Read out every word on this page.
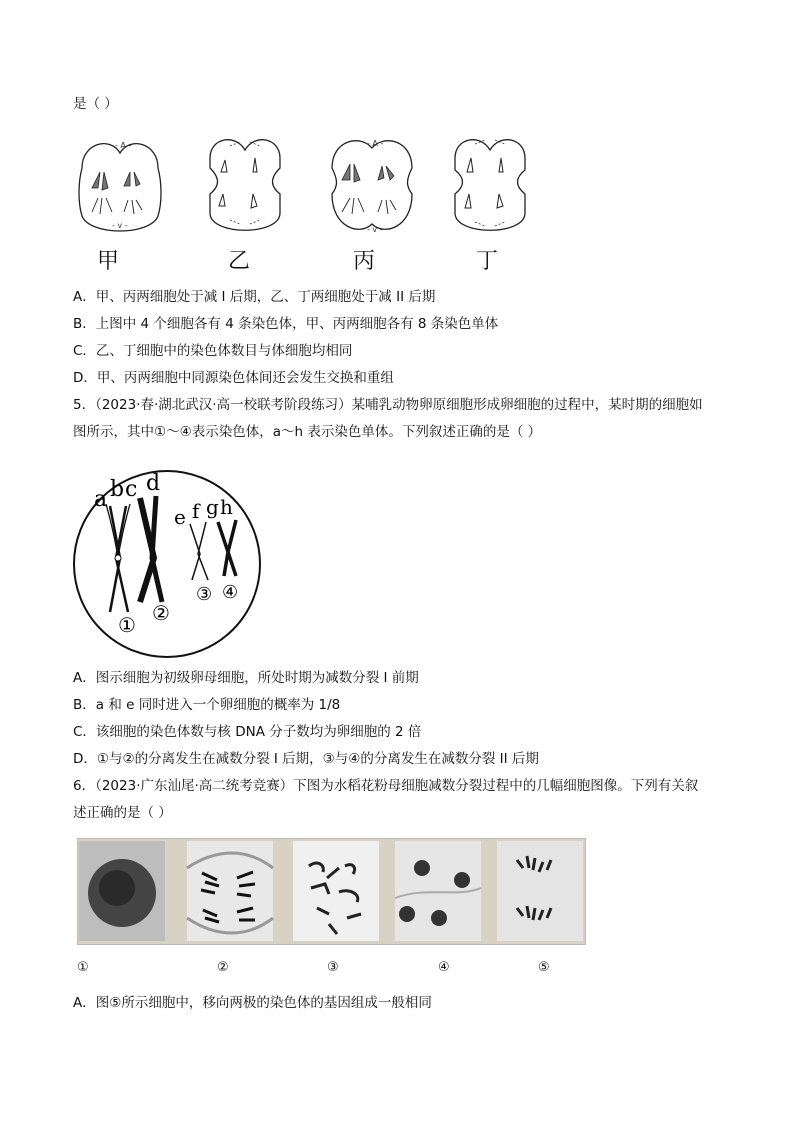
是（ ）
- A -
- v -
- A -
- v -
甲	乙	丙	丁
A．甲、丙两细胞处于减 I 后期，乙、丁两细胞处于减 II 后期
B．上图中 4 个细胞各有 4 条染色体，甲、丙两细胞各有 8 条染色单体
C．乙、丁细胞中的染色体数目与体细胞均相同
D．甲、丙两细胞中同源染色体间还会发生交换和重组
5．（2023·春·湖北武汉·高一校联考阶段练习）某哺乳动物卵原细胞形成卵细胞的过程中，某时期的细胞如
图所示，其中①～④表示染色体，a～h 表示染色单体。下列叙述正确的是（ ）
a b c d
e f g h
① ②
③ ④
A．图示细胞为初级卵母细胞，所处时期为减数分裂 I 前期
B．a 和 e 同时进入一个卵细胞的概率为 1/8
C．该细胞的染色体数与核 DNA 分子数均为卵细胞的 2 倍
D．①与②的分离发生在减数分裂 I 后期，③与④的分离发生在减数分裂 II 后期
6．（2023·广东汕尾·高二统考竞赛）下图为水稻花粉母细胞减数分裂过程中的几幅细胞图像。下列有关叙
述正确的是（ ）
①	②	③	④	⑤
A．图⑤所示细胞中，移向两极的染色体的基因组成一般相同
